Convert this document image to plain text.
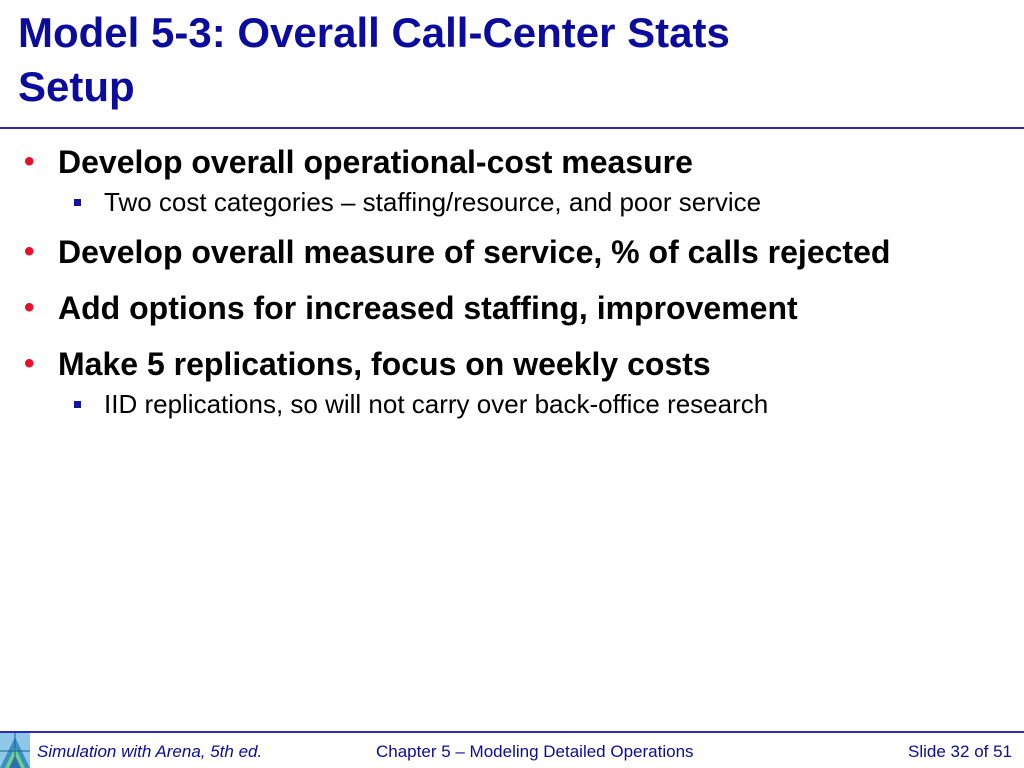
Model 5-3: Overall Call-Center Stats
Setup
• Develop overall operational-cost measure
Two cost categories – staffing/resource, and poor service
• Develop overall measure of service, % of calls rejected
• Add options for increased staffing, improvement
• Make 5 replications, focus on weekly costs
IID replications, so will not carry over back-office research
Simulation with Arena, 5th ed.	Chapter 5 – Modeling Detailed Operations	Slide 32 of 51
